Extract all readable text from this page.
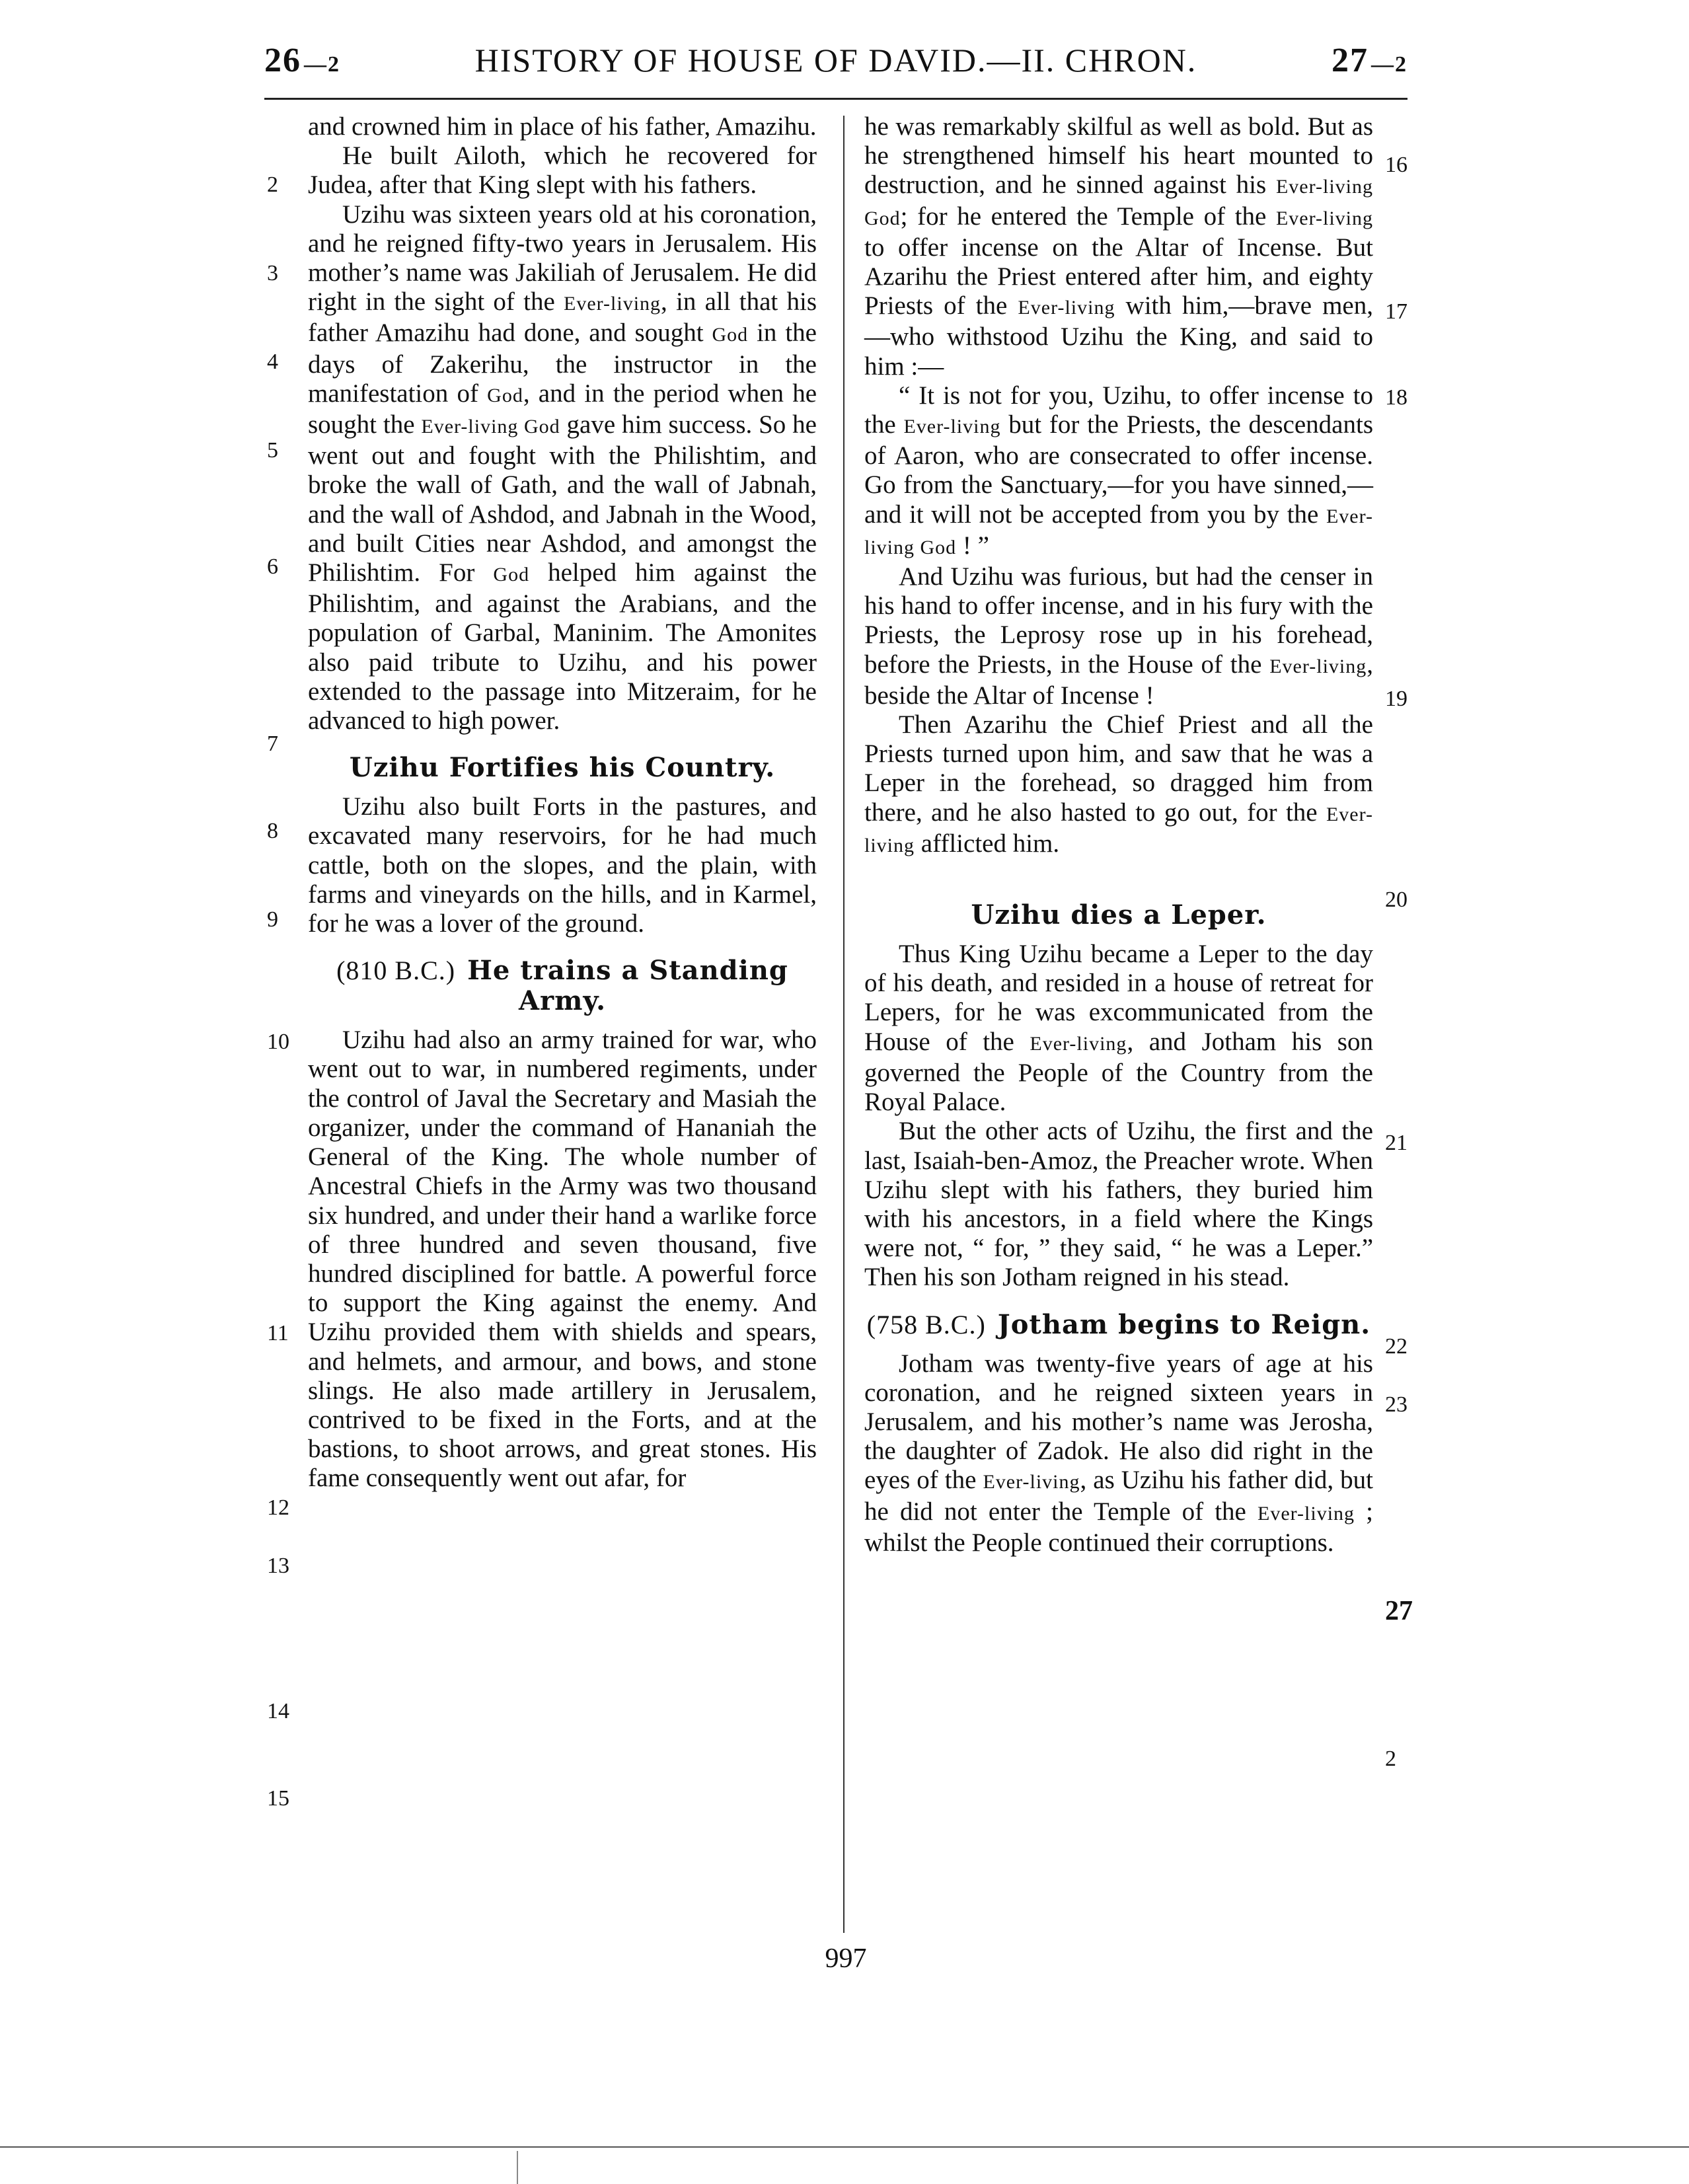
26 —2	HISTORY OF HOUSE OF DAVID.—II. CHRON.	27 —2

and crowned him in place of his father, Amazihu.

He built Ailoth, which he recovered for Judea, after that King slept with his fathers.

Uzihu was sixteen years old at his coronation, and he reigned fifty-two years in Jerusalem. His mother’s name was Jakiliah of Jerusalem. He did right in the sight of the Ever-living, in all that his father Amazihu had done, and sought God in the days of Zakerihu, the instructor in the manifestation of God, and in the period when he sought the Ever-living God gave him success. So he went out and fought with the Philishtim, and broke the wall of Gath, and the wall of Jabnah, and the wall of Ashdod, and Jabnah in the Wood, and built Cities near Ashdod, and amongst the Philishtim. For God helped him against the Philishtim, and against the Arabians, and the population of Garbal, Maninim. The Amonites also paid tribute to Uzihu, and his power extended to the passage into Mitzeraim, for he advanced to high power.

Uzihu Fortifies his Country.

Uzihu also built Forts in the pastures, and excavated many reservoirs, for he had much cattle, both on the slopes, and the plain, with farms and vineyards on the hills, and in Karmel, for he was a lover of the ground.

(810 B.C.) He trains a Standing Army.

Uzihu had also an army trained for war, who went out to war, in numbered regiments, under the control of Javal the Secretary and Masiah the organizer, under the command of Hananiah the General of the King. The whole number of Ancestral Chiefs in the Army was two thousand six hundred, and under their hand a warlike force of three hundred and seven thousand, five hundred disciplined for battle. A powerful force to support the King against the enemy. And Uzihu provided them with shields and spears, and helmets, and armour, and bows, and stone slings. He also made artillery in Jerusalem, contrived to be fixed in the Forts, and at the bastions, to shoot arrows, and great stones. His fame consequently went out afar, for

he was remarkably skilful as well as bold. But as he strengthened himself his heart mounted to destruction, and he sinned against his Ever-living God; for he entered the Temple of the Ever-living to offer incense on the Altar of Incense. But Azarihu the Priest entered after him, and eighty Priests of the Ever-living with him,—brave men,—who withstood Uzihu the King, and said to him :—

“ It is not for you, Uzihu, to offer incense to the Ever-living but for the Priests, the descendants of Aaron, who are consecrated to offer incense. Go from the Sanctuary,—for you have sinned,—and it will not be accepted from you by the Ever-living God ! ”

And Uzihu was furious, but had the censer in his hand to offer incense, and in his fury with the Priests, the Leprosy rose up in his forehead, before the Priests, in the House of the Ever-living, beside the Altar of Incense !

Then Azarihu the Chief Priest and all the Priests turned upon him, and saw that he was a Leper in the forehead, so dragged him from there, and he also hasted to go out, for the Ever-living afflicted him.

Uzihu dies a Leper.

Thus King Uzihu became a Leper to the day of his death, and resided in a house of retreat for Lepers, for he was excommunicated from the House of the Ever-living, and Jotham his son governed the People of the Country from the Royal Palace.

But the other acts of Uzihu, the first and the last, Isaiah-ben-Amoz, the Preacher wrote. When Uzihu slept with his fathers, they buried him with his ancestors, in a field where the Kings were not, “ for, ” they said, “ he was a Leper.” Then his son Jotham reigned in his stead.

(758 B.C.) Jotham begins to Reign.

Jotham was twenty-five years of age at his coronation, and he reigned sixteen years in Jerusalem, and his mother’s name was Jerosha, the daughter of Zadok. He also did right in the eyes of the Ever-living, as Uzihu his father did, but he did not enter the Temple of the Ever-living ; whilst the People continued their corruptions.

2
3
4
5
6
7
8
9
10
11
12
13
14
15
16
17
18
19
20
21
22
23
27
2
997
